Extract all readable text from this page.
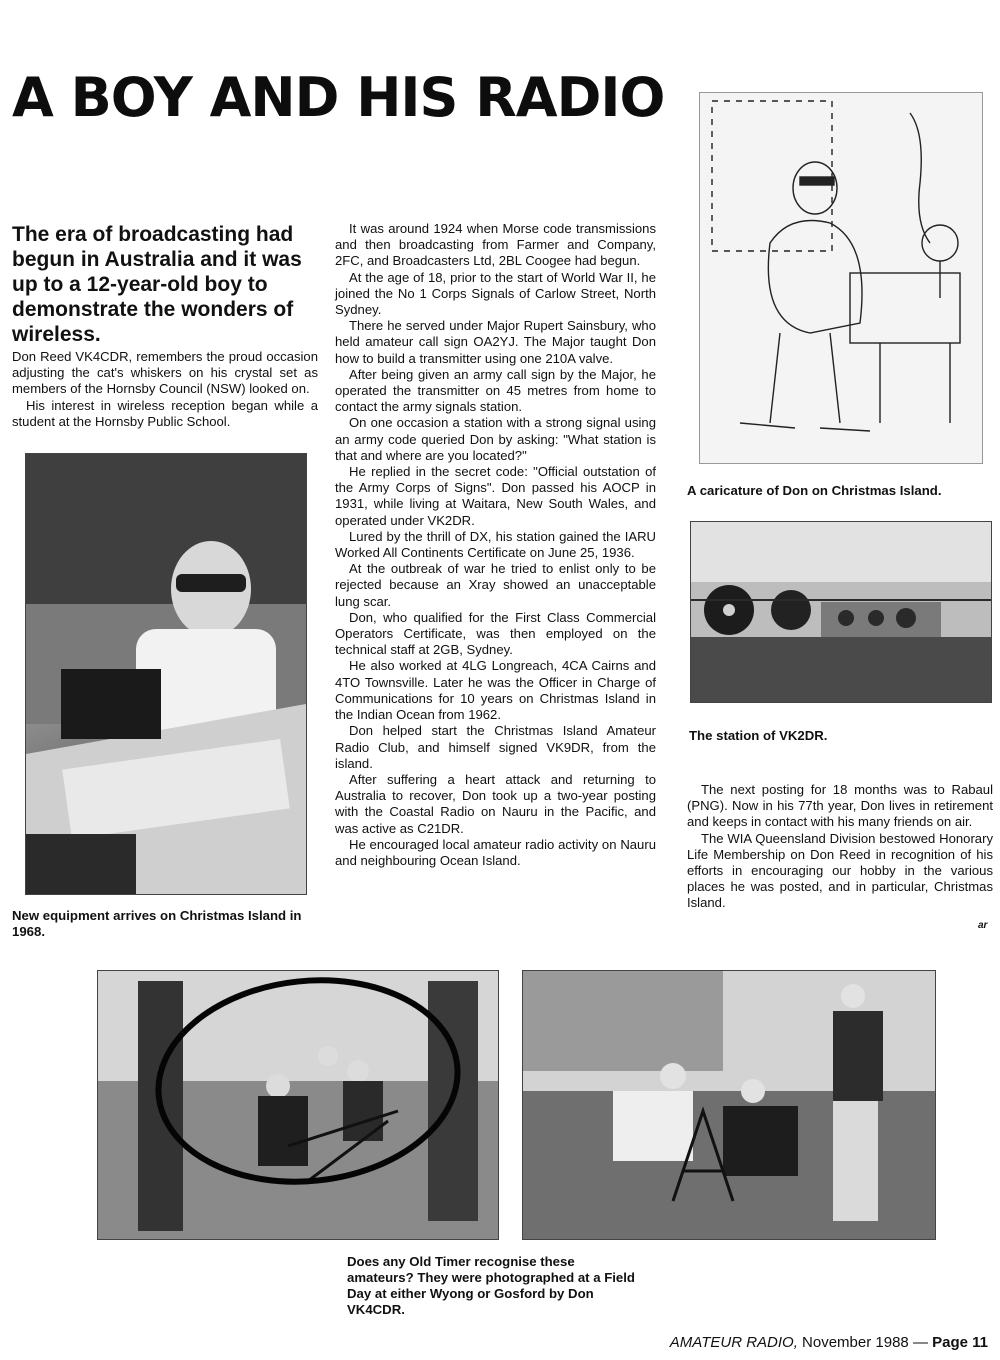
A BOY AND HIS RADIO

The era of broadcasting had begun in Australia and it was up to a 12-year-old boy to demonstrate the wonders of wireless.

Don Reed VK4CDR, remembers the proud occasion adjusting the cat's whiskers on his crystal set as members of the Hornsby Council (NSW) looked on.

His interest in wireless reception began while a student at the Hornsby Public School.

New equipment arrives on Christmas Island in 1968.

It was around 1924 when Morse code transmissions and then broadcasting from Farmer and Company, 2FC, and Broadcasters Ltd, 2BL Coogee had begun.

At the age of 18, prior to the start of World War II, he joined the No 1 Corps Signals of Carlow Street, North Sydney.

There he served under Major Rupert Sainsbury, who held amateur call sign OA2YJ. The Major taught Don how to build a transmitter using one 210A valve.

After being given an army call sign by the Major, he operated the transmitter on 45 metres from home to contact the army signals station.

On one occasion a station with a strong signal using an army code queried Don by asking: "What station is that and where are you located?"

He replied in the secret code: "Official outstation of the Army Corps of Signs". Don passed his AOCP in 1931, while living at Waitara, New South Wales, and operated under VK2DR.

Lured by the thrill of DX, his station gained the IARU Worked All Continents Certificate on June 25, 1936.

At the outbreak of war he tried to enlist only to be rejected because an Xray showed an unacceptable lung scar.

Don, who qualified for the First Class Commercial Operators Certificate, was then employed on the technical staff at 2GB, Sydney.

He also worked at 4LG Longreach, 4CA Cairns and 4TO Townsville. Later he was the Officer in Charge of Communications for 10 years on Christmas Island in the Indian Ocean from 1962.

Don helped start the Christmas Island Amateur Radio Club, and himself signed VK9DR, from the island.

After suffering a heart attack and returning to Australia to recover, Don took up a two-year posting with the Coastal Radio on Nauru in the Pacific, and was active as C21DR.

He encouraged local amateur radio activity on Nauru and neighbouring Ocean Island.

A caricature of Don on Christmas Island.

The station of VK2DR.

The next posting for 18 months was to Rabaul (PNG). Now in his 77th year, Don lives in retirement and keeps in contact with his many friends on air.

The WIA Queensland Division bestowed Honorary Life Membership on Don Reed in recognition of his efforts in encouraging our hobby in the various places he was posted, and in particular, Christmas Island.

ar

Does any Old Timer recognise these amateurs? They were photographed at a Field Day at either Wyong or Gosford by Don VK4CDR.

AMATEUR RADIO, November 1988 — Page 11
